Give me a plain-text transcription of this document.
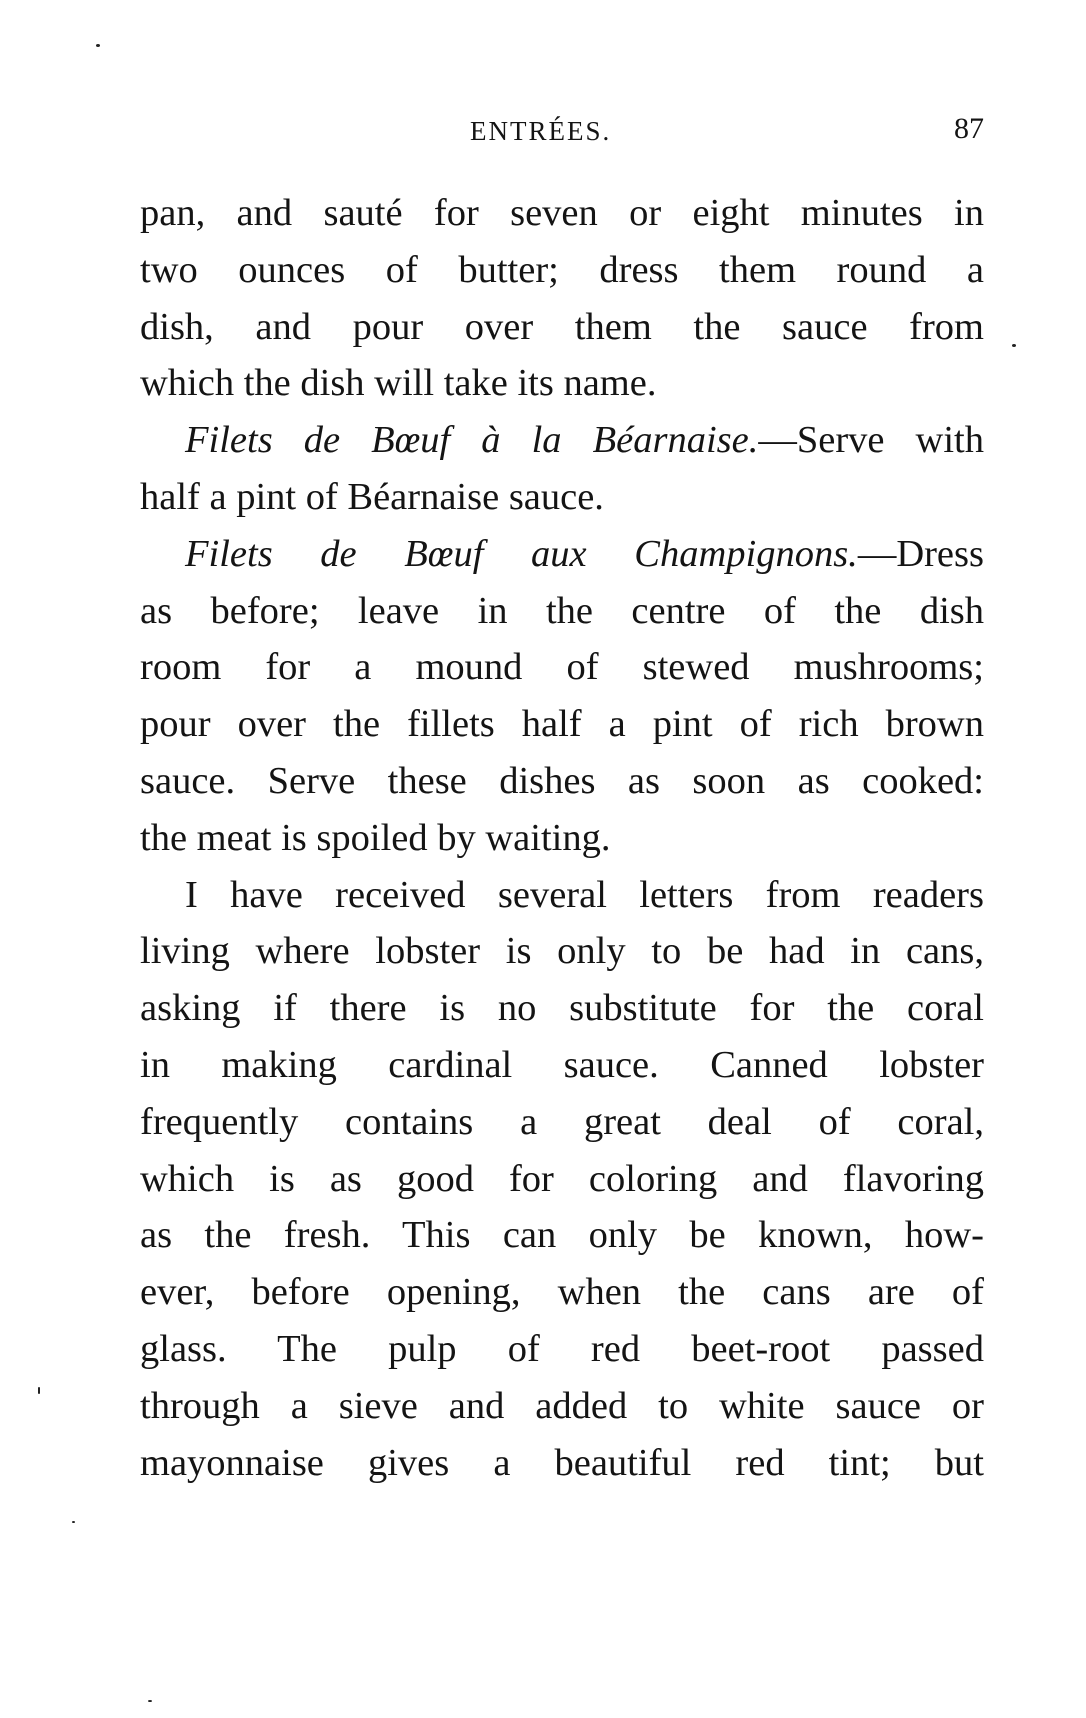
ENTRÉES.	87
pan, and sauté for seven or eight minutes in
two ounces of butter; dress them round a
dish, and pour over them the sauce from
which the dish will take its name.
Filets de Bœuf à la Béarnaise.—Serve with
half a pint of Béarnaise sauce.
Filets de Bœuf aux Champignons.—Dress
as before; leave in the centre of the dish
room for a mound of stewed mushrooms;
pour over the fillets half a pint of rich brown
sauce. Serve these dishes as soon as cooked:
the meat is spoiled by waiting.
I have received several letters from readers
living where lobster is only to be had in cans,
asking if there is no substitute for the coral
in making cardinal sauce. Canned lobster
frequently contains a great deal of coral,
which is as good for coloring and flavoring
as the fresh. This can only be known, how-
ever, before opening, when the cans are of
glass. The pulp of red beet-root passed
through a sieve and added to white sauce or
mayonnaise gives a beautiful red tint; but
